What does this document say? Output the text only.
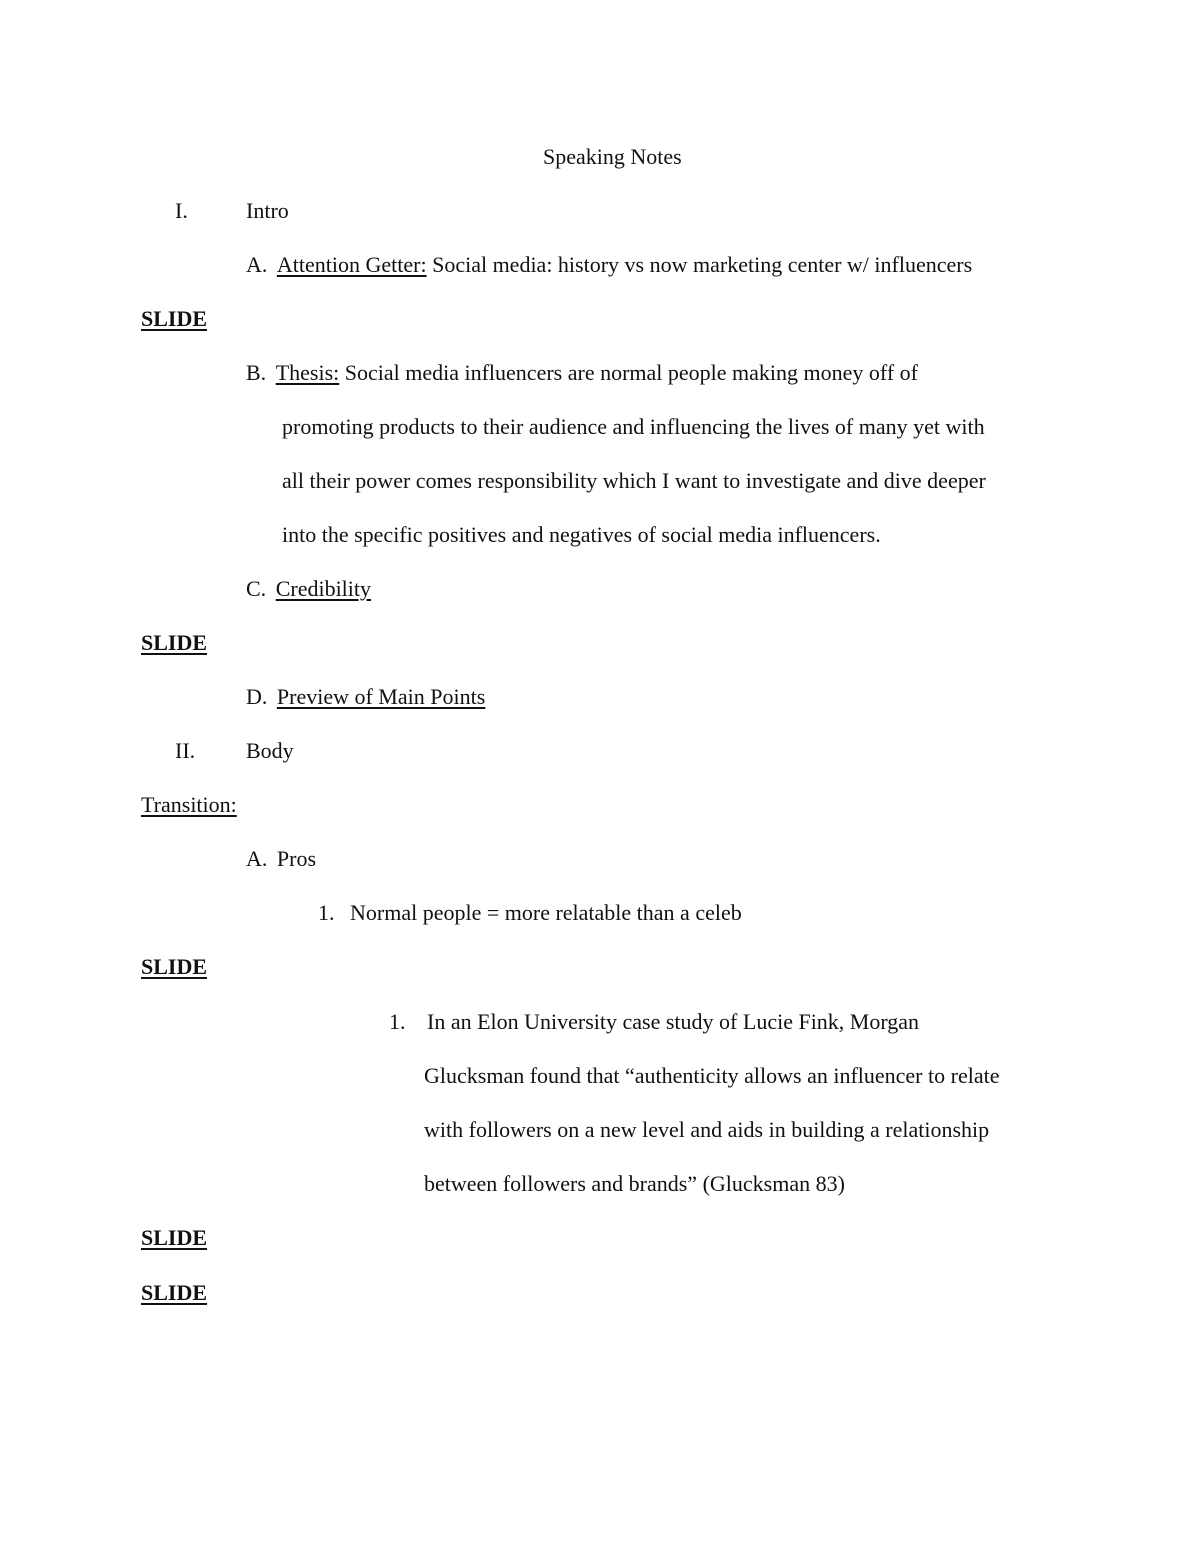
Speaking Notes
I.	Intro
A. Attention Getter: Social media: history vs now marketing center w/ influencers
SLIDE
B. Thesis: Social media influencers are normal people making money off of
promoting products to their audience and influencing the lives of many yet with
all their power comes responsibility which I want to investigate and dive deeper
into the specific positives and negatives of social media influencers.
C. Credibility
SLIDE
D. Preview of Main Points
II. Body
Transition:
A. Pros
1. Normal people = more relatable than a celeb
SLIDE
1. In an Elon University case study of Lucie Fink, Morgan
Glucksman found that “authenticity allows an influencer to relate
with followers on a new level and aids in building a relationship
between followers and brands” (Glucksman 83)
SLIDE
SLIDE
